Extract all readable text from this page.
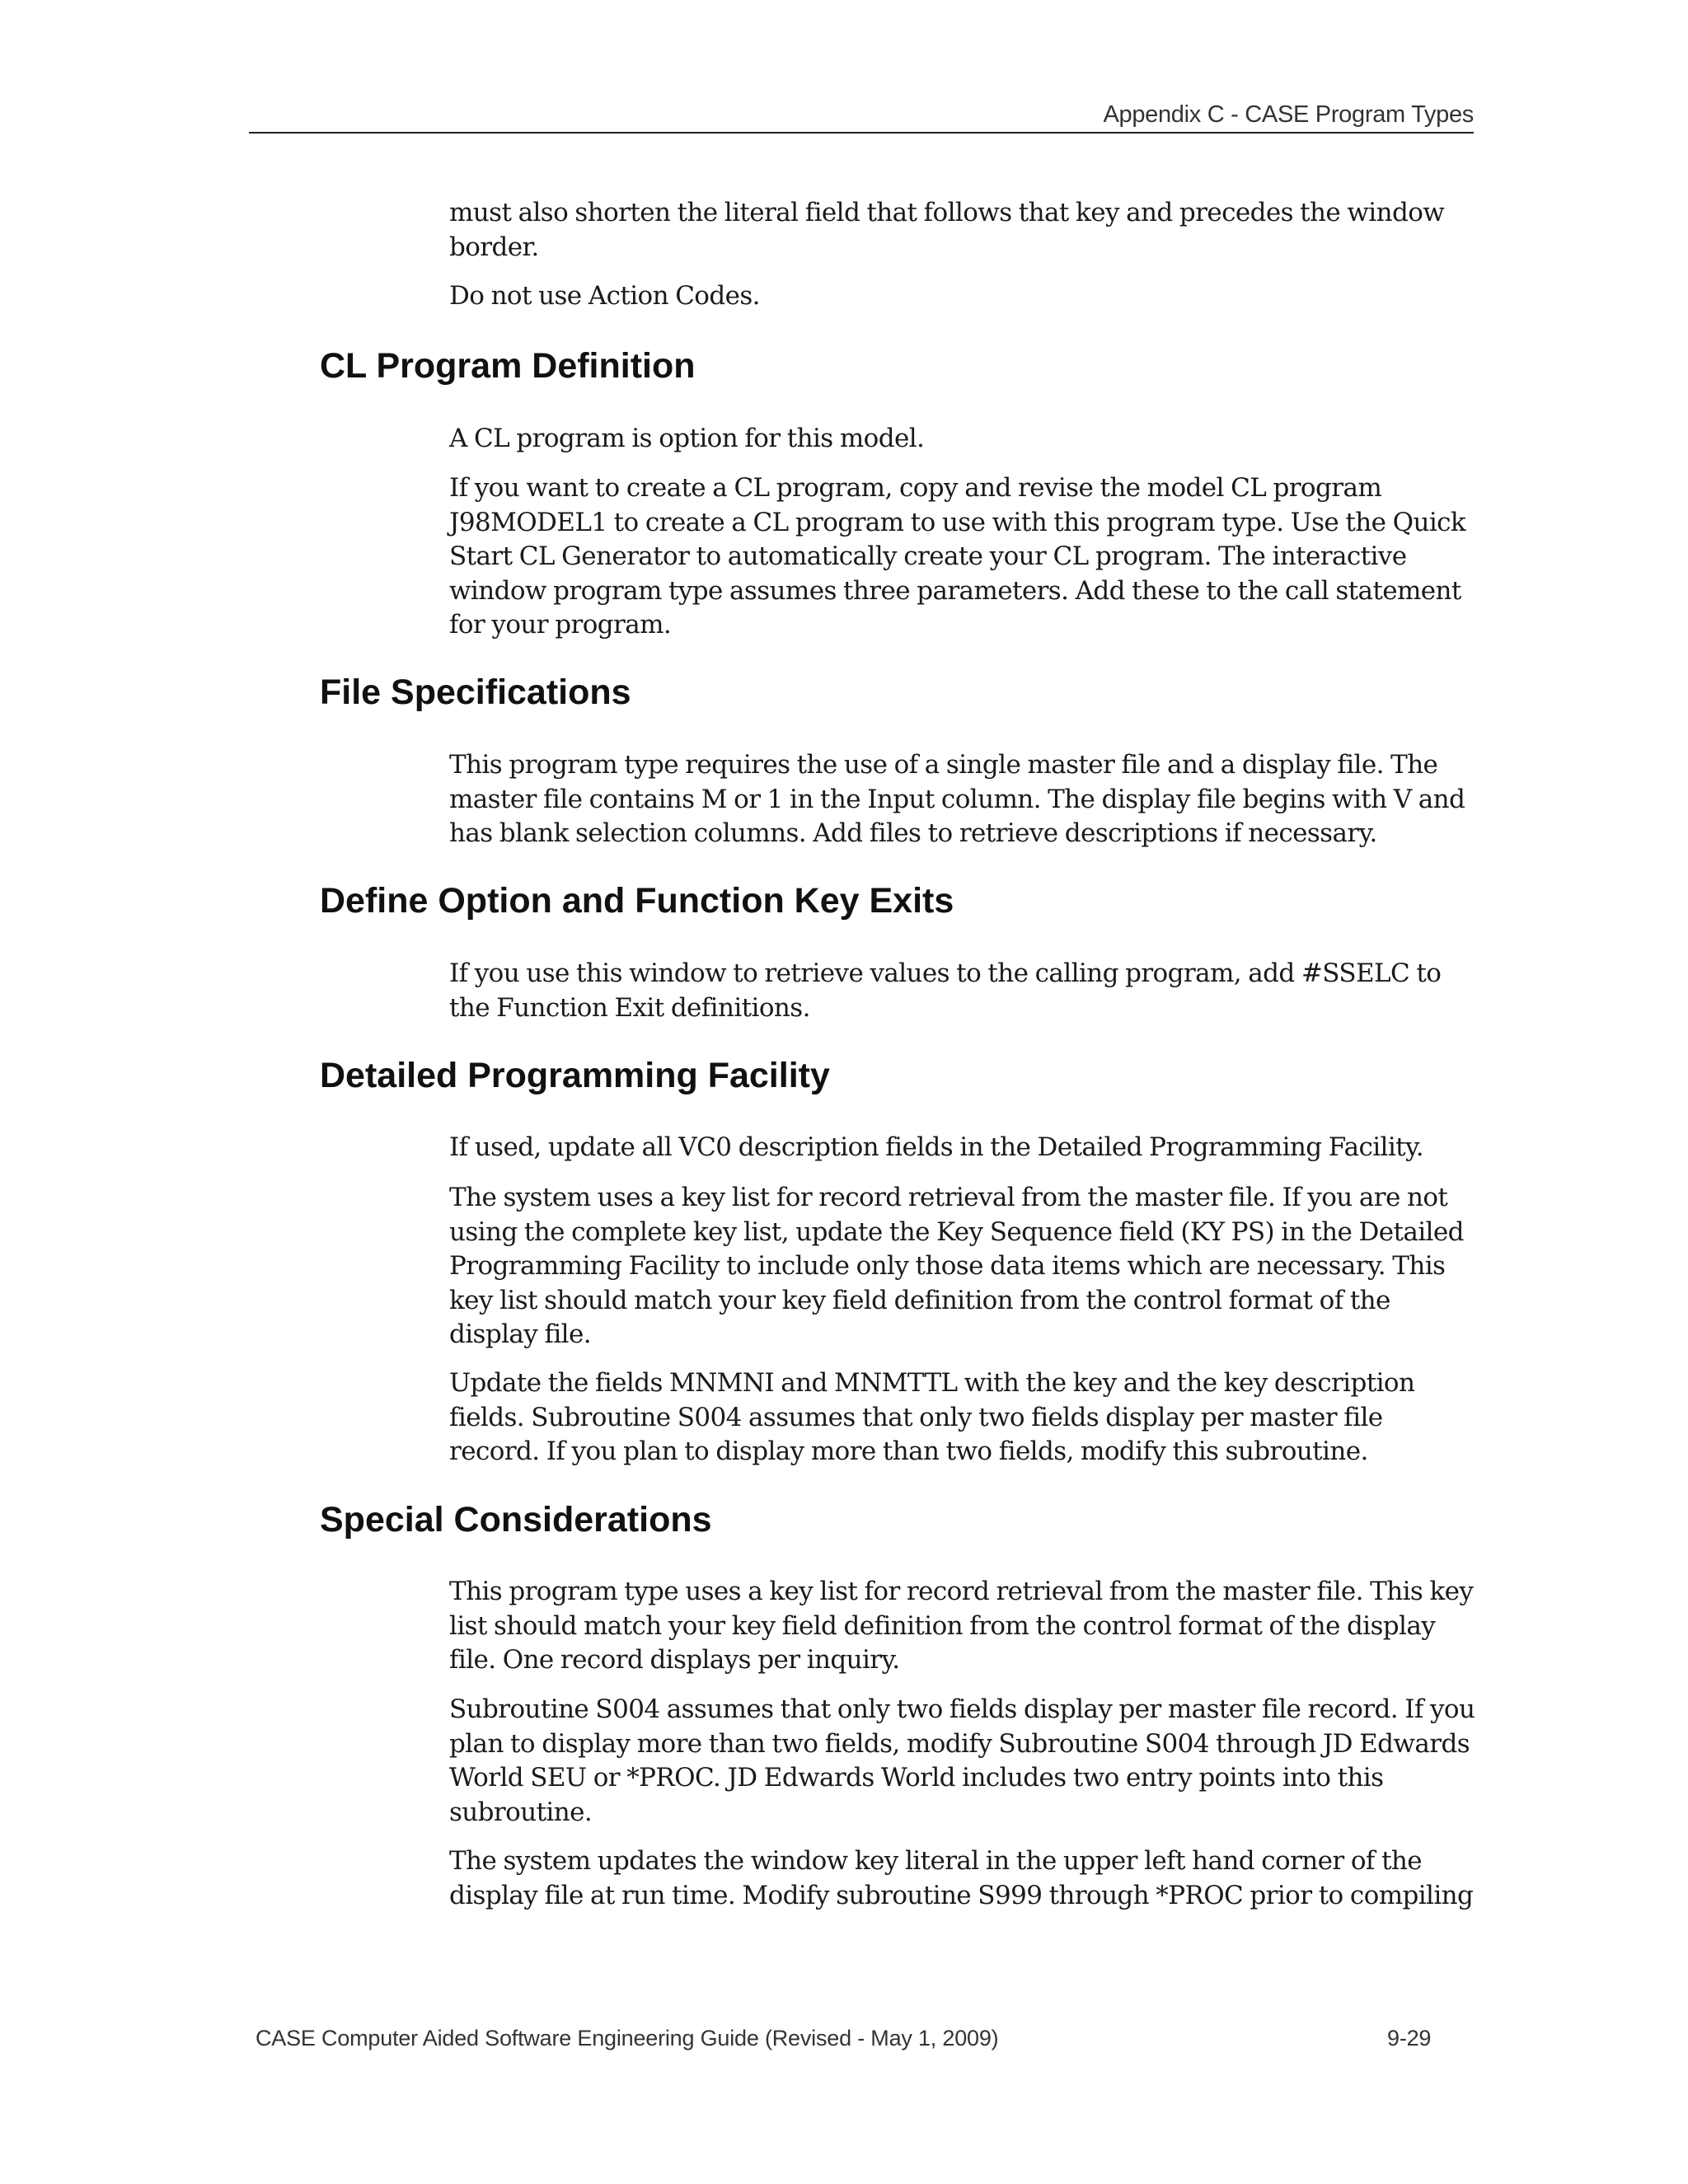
Appendix C - CASE Program Types

must also shorten the literal field that follows that key and precedes the window border.

Do not use Action Codes.

CL Program Definition

A CL program is option for this model.

If you want to create a CL program, copy and revise the model CL program J98MODEL1 to create a CL program to use with this program type. Use the Quick Start CL Generator to automatically create your CL program. The interactive window program type assumes three parameters. Add these to the call statement for your program.

File Specifications

This program type requires the use of a single master file and a display file. The master file contains M or 1 in the Input column. The display file begins with V and has blank selection columns. Add files to retrieve descriptions if necessary.

Define Option and Function Key Exits

If you use this window to retrieve values to the calling program, add #SSELC to the Function Exit definitions.

Detailed Programming Facility

If used, update all VC0 description fields in the Detailed Programming Facility.

The system uses a key list for record retrieval from the master file. If you are not using the complete key list, update the Key Sequence field (KY PS) in the Detailed Programming Facility to include only those data items which are necessary. This key list should match your key field definition from the control format of the display file.

Update the fields MNMNI and MNMTTL with the key and the key description fields. Subroutine S004 assumes that only two fields display per master file record. If you plan to display more than two fields, modify this subroutine.

Special Considerations

This program type uses a key list for record retrieval from the master file. This key list should match your key field definition from the control format of the display file. One record displays per inquiry.

Subroutine S004 assumes that only two fields display per master file record. If you plan to display more than two fields, modify Subroutine S004 through JD Edwards World SEU or *PROC. JD Edwards World includes two entry points into this subroutine.

The system updates the window key literal in the upper left hand corner of the display file at run time. Modify subroutine S999 through *PROC prior to compiling

CASE Computer Aided Software Engineering Guide (Revised - May 1, 2009)	9-29
